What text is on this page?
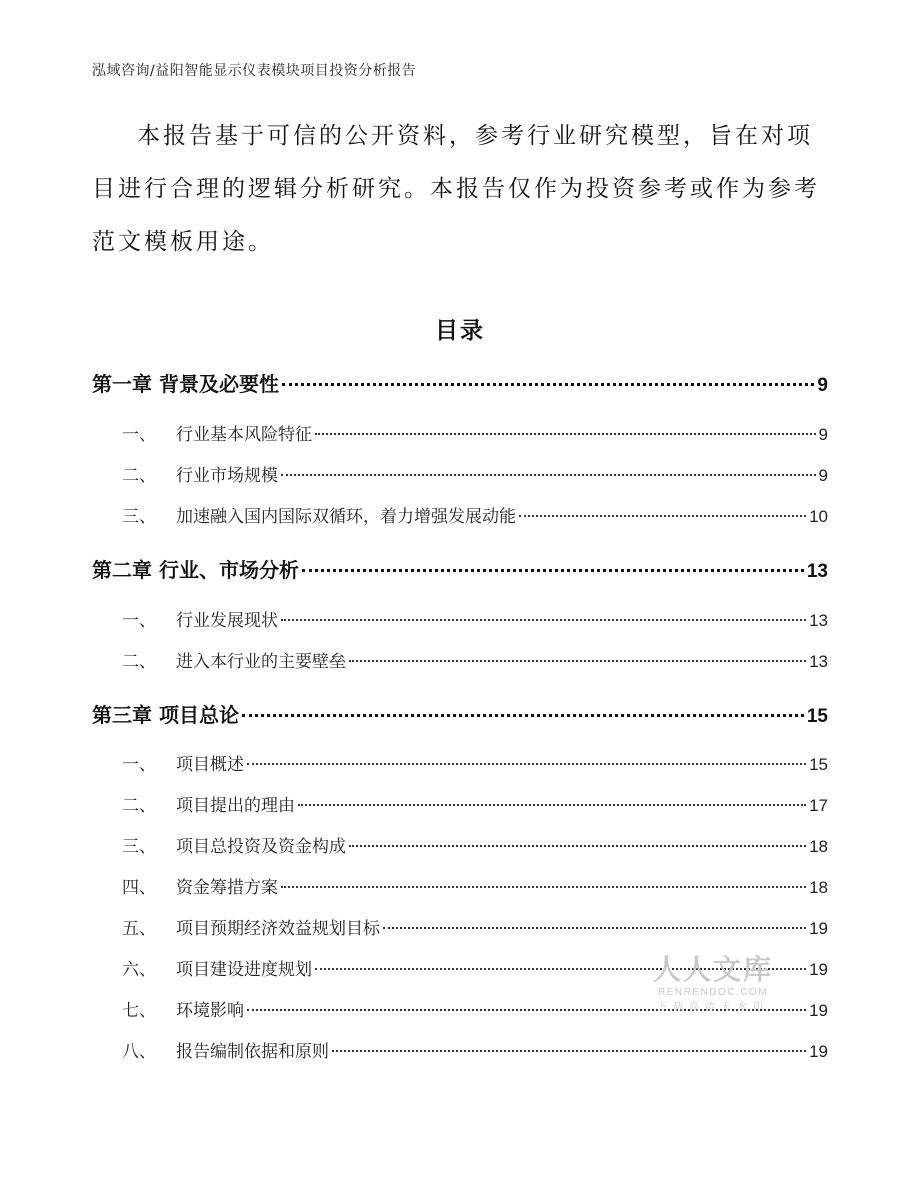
泓域咨询/益阳智能显示仪表模块项目投资分析报告
本报告基于可信的公开资料，参考行业研究模型，旨在对项目进行合理的逻辑分析研究。本报告仅作为投资参考或作为参考范文模板用途。
目录
第一章 背景及必要性	9
一、 行业基本风险特征	9
二、 行业市场规模	9
三、 加速融入国内国际双循环，着力增强发展动能	10
第二章 行业、市场分析	13
一、 行业发展现状	13
二、 进入本行业的主要壁垒	13
第三章 项目总论	15
一、 项目概述	15
二、 项目提出的理由	17
三、 项目总投资及资金构成	18
四、 资金筹措方案	18
五、 项目预期经济效益规划目标	19
六、 项目建设进度规划	19
七、 环境影响	19
八、 报告编制依据和原则	19
人人文库
RENRENDOC.COM
下载高清无水印
